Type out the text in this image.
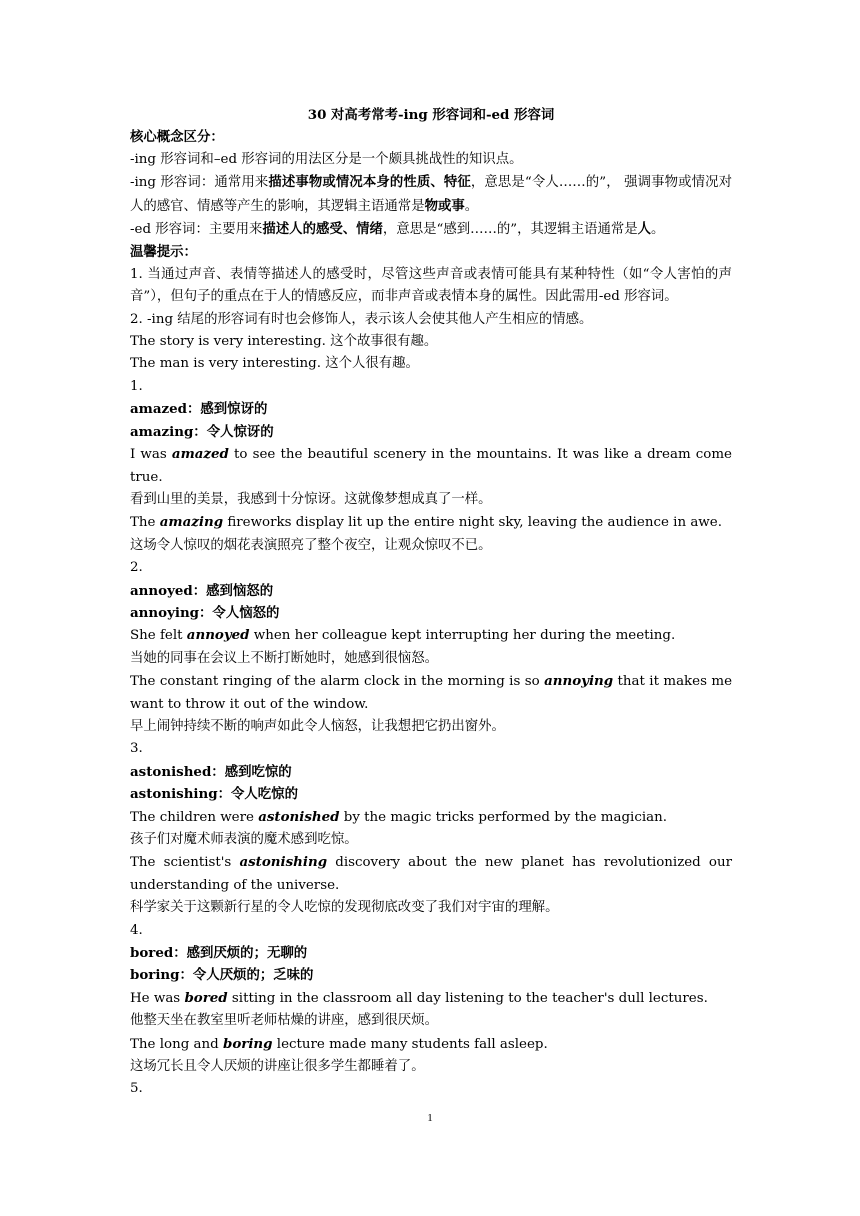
30 对高考常考-ing 形容词和-ed 形容词

核心概念区分：

-ing 形容词和–ed 形容词的用法区分是一个颇具挑战性的知识点。

-ing 形容词：通常用来描述事物或情况本身的性质、特征，意思是“令人……的”， 强调事物或情况对人的感官、情感等产生的影响，其逻辑主语通常是物或事。

-ed 形容词：主要用来描述人的感受、情绪，意思是“感到……的”，其逻辑主语通常是人。

温馨提示：

1. 当通过声音、表情等描述人的感受时，尽管这些声音或表情可能具有某种特性（如“令人害怕的声音”），但句子的重点在于人的情感反应，而非声音或表情本身的属性。因此需用-ed 形容词。

2. -ing 结尾的形容词有时也会修饰人，表示该人会使其他人产生相应的情感。

The story is very interesting. 这个故事很有趣。

The man is very interesting. 这个人很有趣。

1.

amazed：感到惊讶的

amazing：令人惊讶的

I was amazed to see the beautiful scenery in the mountains. It was like a dream come true.

看到山里的美景，我感到十分惊讶。这就像梦想成真了一样。

The amazing fireworks display lit up the entire night sky, leaving the audience in awe.

这场令人惊叹的烟花表演照亮了整个夜空，让观众惊叹不已。

2.

annoyed：感到恼怒的

annoying：令人恼怒的

She felt annoyed when her colleague kept interrupting her during the meeting.

当她的同事在会议上不断打断她时，她感到很恼怒。

The constant ringing of the alarm clock in the morning is so annoying that it makes me want to throw it out of the window.

早上闹钟持续不断的响声如此令人恼怒，让我想把它扔出窗外。

3.

astonished：感到吃惊的

astonishing：令人吃惊的

The children were astonished by the magic tricks performed by the magician.

孩子们对魔术师表演的魔术感到吃惊。

The scientist's astonishing discovery about the new planet has revolutionized our understanding of the universe.

科学家关于这颗新行星的令人吃惊的发现彻底改变了我们对宇宙的理解。

4.

bored：感到厌烦的；无聊的

boring：令人厌烦的；乏味的

He was bored sitting in the classroom all day listening to the teacher's dull lectures.

他整天坐在教室里听老师枯燥的讲座，感到很厌烦。

The long and boring lecture made many students fall asleep.

这场冗长且令人厌烦的讲座让很多学生都睡着了。

5.

1
